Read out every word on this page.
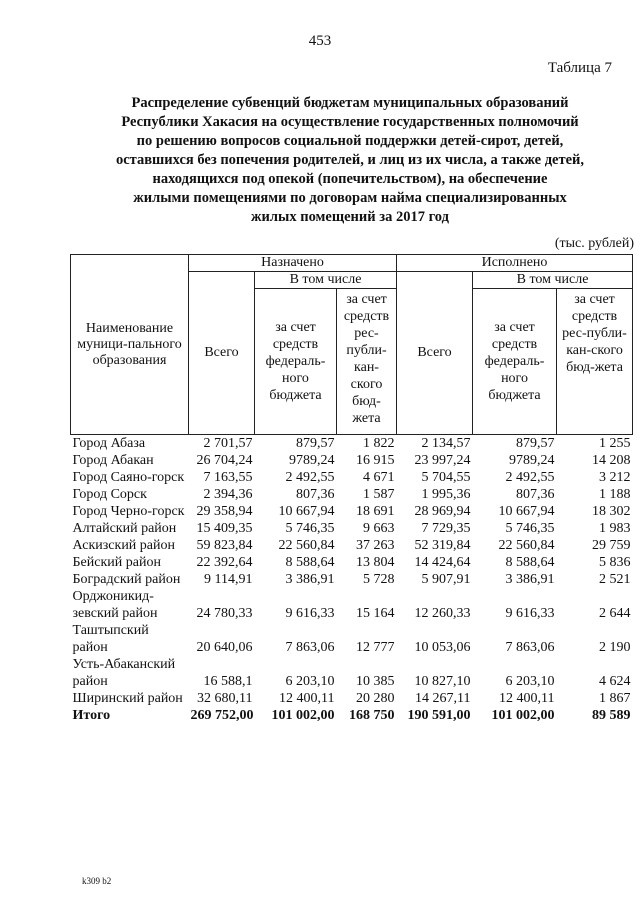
453
Таблица 7
Распределение субвенций бюджетам муниципальных образований
Республики Хакасия на осуществление государственных полномочий
по решению вопросов социальной поддержки детей-сирот, детей,
оставшихся без попечения родителей, и лиц из их числа, а также детей,
находящихся под опекой (попечительством), на обеспечение
жилыми помещениями по договорам найма специализированных
жилых помещений за 2017 год
(тыс. рублей)
Наименование муници-пального образования	Назначено			Исполнено		
	Всего	В том числе		Всего	В том числе	
		за счет средств федераль-ного бюджета	за счет средств рес-публи-кан-ского бюд-жета		за счет средств федераль-ного бюджета	за счет средств рес-публи-кан-ского бюд-жета
Город Абаза	2 701,57	879,57	1 822	2 134,57	879,57	1 255
Город Абакан	26 704,24	9789,24	16 915	23 997,24	9789,24	14 208
Город Саяно-горск	7 163,55	2 492,55	4 671	5 704,55	2 492,55	3 212
Город Сорск	2 394,36	807,36	1 587	1 995,36	807,36	1 188
Город Черно-горск	29 358,94	10 667,94	18 691	28 969,94	10 667,94	18 302
Алтайский район	15 409,35	5 746,35	9 663	7 729,35	5 746,35	1 983
Аскизский район	59 823,84	22 560,84	37 263	52 319,84	22 560,84	29 759
Бейский район	22 392,64	8 588,64	13 804	14 424,64	8 588,64	5 836
Боградский район	9 114,91	3 386,91	5 728	5 907,91	3 386,91	2 521
Орджоникид-зевский район	24 780,33	9 616,33	15 164	12 260,33	9 616,33	2 644
Таштыпский район	20 640,06	7 863,06	12 777	10 053,06	7 863,06	2 190
Усть-Абаканский район	16 588,1	6 203,10	10 385	10 827,10	6 203,10	4 624
Ширинский район	32 680,11	12 400,11	20 280	14 267,11	12 400,11	1 867
Итого	269 752,00	101 002,00	168 750	190 591,00	101 002,00	89 589
k309 b2
